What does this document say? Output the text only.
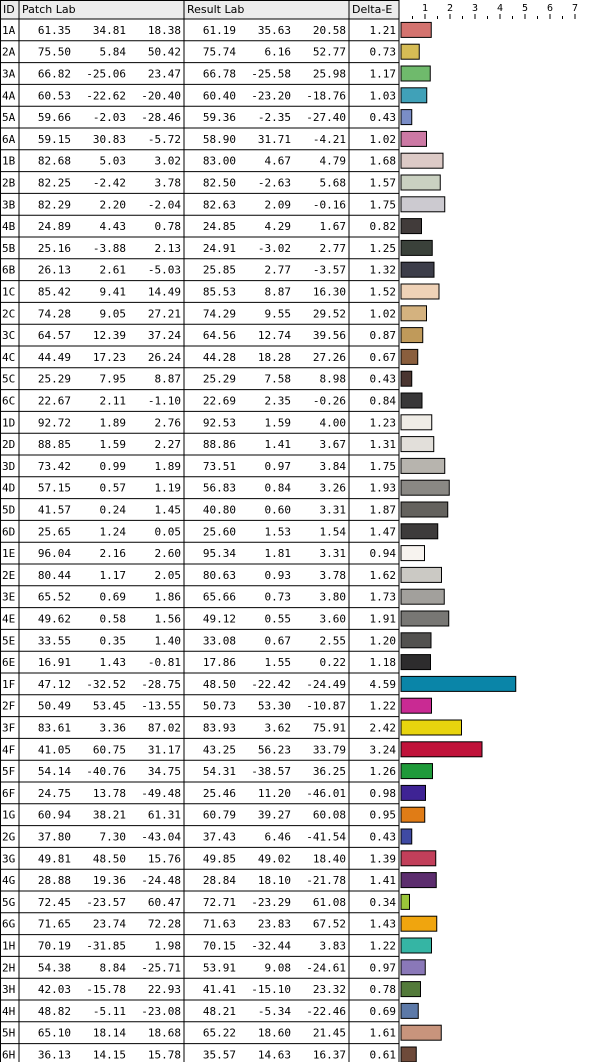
ID Patch Lab	Result Lab	Delta-E	1 2 3 4 5 6 7
1A 61.35 34.81 18.38 61.19 35.63 20.58 1.21
2A 75.50	5.84 50.42 75.74	6.16 52.77 0.73
3A 66.82 -25.06 23.47 66.78 -25.58 25.98 1.17
4A 60.53 -22.62 -20.40 60.40 -23.20 -18.76 1.03
5A 59.66 -2.03 -28.46 59.36 -2.35 -27.40 0.43
6A 59.15 30.83 -5.72 58.90 31.71 -4.21 1.02
1B 82.68	5.03	3.02 83.00	4.67	4.79 1.68
2B 82.25 -2.42	3.78 82.50 -2.63	5.68 1.57
3B 82.29	2.20 -2.04 82.63	2.09 -0.16 1.75
4B 24.89	4.43	0.78 24.85	4.29	1.67 0.82
5B 25.16 -3.88	2.13 24.91 -3.02	2.77 1.25
6B 26.13	2.61 -5.03 25.85	2.77 -3.57 1.32
1C 85.42	9.41 14.49 85.53	8.87 16.30 1.52
2C 74.28	9.05 27.21 74.29	9.55 29.52 1.02
3C 64.57 12.39 37.24 64.56 12.74 39.56 0.87
4C 44.49 17.23 26.24 44.28 18.28 27.26 0.67
5C 25.29	7.95	8.87 25.29	7.58	8.98 0.43
6C 22.67	2.11 -1.10 22.69	2.35 -0.26 0.84
1D 92.72	1.89	2.76 92.53	1.59	4.00 1.23
2D 88.85	1.59	2.27 88.86	1.41	3.67 1.31
3D 73.42	0.99	1.89 73.51	0.97	3.84 1.75
4D 57.15	0.57	1.19 56.83	0.84	3.26 1.93
5D 41.57	0.24	1.45 40.80	0.60	3.31 1.87
6D 25.65	1.24	0.05 25.60	1.53	1.54 1.47
1E 96.04	2.16	2.60 95.34	1.81	3.31 0.94
2E 80.44	1.17	2.05 80.63	0.93	3.78 1.62
3E 65.52	0.69	1.86 65.66	0.73	3.80 1.73
4E 49.62	0.58	1.56 49.12	0.55	3.60 1.91
5E 33.55	0.35	1.40 33.08	0.67	2.55 1.20
6E 16.91	1.43 -0.81 17.86	1.55	0.22 1.18
1F 47.12 -32.52 -28.75 48.50 -22.42 -24.49 4.59
2F 50.49 53.45 -13.55 50.73 53.30 -10.87 1.22
3F 83.61	3.36 87.02 83.93	3.62 75.91 2.42
4F 41.05 60.75 31.17 43.25 56.23 33.79 3.24
5F 54.14 -40.76 34.75 54.31 -38.57 36.25 1.26
6F 24.75 13.78 -49.48 25.46 11.20 -46.01 0.98
1G 60.94 38.21 61.31 60.79 39.27 60.08 0.95
2G 37.80	7.30 -43.04 37.43	6.46 -41.54 0.43
3G 49.81 48.50 15.76 49.85 49.02 18.40 1.39
4G 28.88 19.36 -24.48 28.84 18.10 -21.78 1.41
5G 72.45 -23.57 60.47 72.71 -23.29 61.08 0.34
6G 71.65 23.74 72.28 71.63 23.83 67.52 1.43
1H 70.19 -31.85	1.98 70.15 -32.44	3.83 1.22
2H 54.38	8.84 -25.71 53.91	9.08 -24.61 0.97
3H 42.03 -15.78 22.93 41.41 -15.10 23.32 0.78
4H 48.82 -5.11 -23.08 48.21 -5.34 -22.46 0.69
5H 65.10 18.14 18.68 65.22 18.60 21.45 1.61
6H 36.13 14.15 15.78 35.57 14.63 16.37 0.61
